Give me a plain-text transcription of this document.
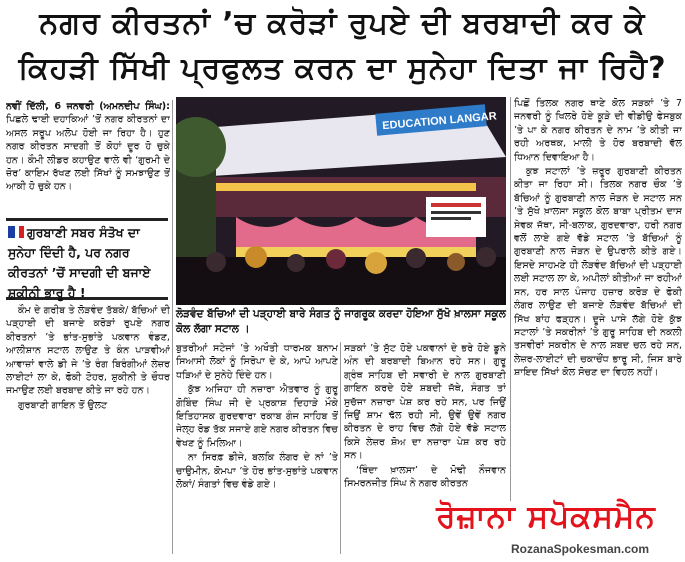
ਨਗਰ ਕੀਰਤਨਾਂ ’ਚ ਕਰੋੜਾਂ ਰੁਪਏ ਦੀ ਬਰਬਾਦੀ ਕਰ ਕੇ
ਕਿਹੜੀ ਸਿੱਖੀ ਪ੍ਰਫੁਲਤ ਕਰਨ ਦਾ ਸੁਨੇਹਾ ਦਿਤਾ ਜਾ ਰਿਹੈ?

ਨਵੀਂ ਦਿੱਲੀ, 6 ਜਨਵਰੀ (ਅਮਨਦੀਪ ਸਿੰਘ): ਪਿਛਲੇ ਢਾਈ ਦਹਾਕਿਆਂ ’ਤੋਂ ਨਗਰ ਕੀਰਤਨਾਂ ਦਾ ਅਸਲ ਸਰੂਪ ਅਲੋਪ ਹੋਈ ਜਾ ਰਿਹਾ ਹੈ। ਹੁਣ ਨਗਰ ਕੀਰਤਨ ਸਾਦਗੀ ਤੋਂ ਕੋਹਾਂ ਦੂਰ ਹੋ ਚੁਕੇ ਹਨ। ਕੌਮੀ ਲੀਡਰ ਕਹਾਉਣ ਵਾਲੇ ਵੀ ‘ਗੁਰਮੀ ਦੇ ਜ਼ੋਰ’ ਕਾਇਮ ਰੱਖਣ ਲਈ ਸਿੱਖਾਂ ਨੂੰ ਸਮਝਾਉਣ ਤੋਂ ਆਕੀ ਹੋ ਚੁਕੇ ਹਨ।

ਗੁਰਬਾਣੀ ਸਬਰ ਸੰਤੋਖ ਦਾ ਸੁਨੇਹਾ ਦਿੰਦੀ ਹੈ, ਪਰ ਨਗਰ ਕੀਰਤਨਾਂ ’ਚੋਂ ਸਾਦਗੀ ਦੀ ਬਜਾਏ ਸ਼ੁਕੀਨੀ ਭਾਰੂ ਹੈ !

ਕੌਮ ਦੇ ਗਰੀਬ ਤੇ ਲੋੜਵੰਦ ਤੱਬਕੇ/ ਬੱਚਿਆਂ ਦੀ ਪੜ੍ਹਾਈ ਦੀ ਬਜਾਏ ਕਰੋੜਾਂ ਰੁਪਏ ਨਗਰ ਕੀਰਤਨਾਂ ’ਤੇ ਭਾਂਤ-ਸੁਭਾਂਤੇ ਪਕਵਾਨ ਵੰਡਣ, ਆਲੀਸ਼ਾਨ ਸਟਾਲ ਲਾਉਣ ਤੇ ਕੰਨ ਪਾੜਵੀਆਂ ਆਵਾਜ਼ਾਂ ਵਾਲੇ ਡੀ ਜੇ ’ਤੇ ਰੰਗ ਬਿਰੰਗੀਆਂ ਲੇਜ਼ਰ ਲਾਈਟਾਂ ਲਾ ਕੇ, ਫੋਕੀ ਟੋਹਰ, ਸ਼ੁਕੀਨੀ ਤੇ ਚੌਧਰ ਜਮਾਉਣ ਲਈ ਬਰਬਾਦ ਕੀਤੇ ਜਾ ਰਹੇ ਹਨ।

ਗੁਰਬਾਣੀ ਗਾਇਨ ਤੋਂ ਉਲਟ

EDUCATION LANGAR
ਲੋੜਵੰਦ ਬੱਚਿਆਂ ਦੀ ਪੜ੍ਹਾਈ ਬਾਰੇ ਸੰਗਤ ਨੂੰ ਜਾਗਰੂਕ ਕਰਦਾ ਹੋਇਆ ਸੁੱਖੋ ਖ਼ਾਲਸਾ ਸਕੂਲ ਕੋਲ ਲੱਗਾ ਸਟਾਲ ।

ਬੁਤਰੀਆਂ ਸਟੇਜਾਂ ’ਤੇ ਅਖੌਤੀ ਧਾਰਮਕ ਬਨਾਮ ਸਿਆਸੀ ਲੋਕਾਂ ਨੂੰ ਸਿਰੋਪਾ ਦੇ ਕੇ, ਆਪੋ ਆਪਣੇ ਧੜਿਆਂ ਦੇ ਸੁਨੇਹੇ ਦਿੰਦੇ ਹਨ।

ਕੁੱਝ ਅਜਿਹਾ ਹੀ ਨਜ਼ਾਰਾ ਐਤਵਾਰ ਨੂੰ ਗੁਰੂ ਗੋਬਿੰਦ ਸਿੰਘ ਜੀ ਦੇ ਪ੍ਰਕਾਸ਼ ਦਿਹਾੜੇ ਮੌਕੇ ਇਤਿਹਾਸਕ ਗੁਰਦਵਾਰਾ ਰਕਾਬ ਗੰਜ ਸਾਹਿਬ ਤੋਂ ਜੇਲ੍ਹ ਰੋਡ ਤੱਕ ਸਜਾਏ ਗਏ ਨਗਰ ਕੀਰਤਨ ਵਿਚ ਵੇਖਣ ਨੂੰ ਮਿਲਿਆ।

ਨਾ ਸਿਰਫ਼ ਡੀਜੇ, ਬਲਕਿ ਲੰਗਰ ਦੇ ਨਾਂ ’ਤੇ ਚਾਉਮੀਨ, ਕੋਮਪਾ ’ਤੇ ਹੋਰ ਭਾਂਤ-ਸੁਭਾਂਤੇ ਪਕਵਾਨ ਲੋਕਾਂ/ ਸੰਗਤਾਂ ਵਿਚ ਵੰਡੇ ਗਏ।

ਸੜਕਾਂ ’ਤੇ ਸੁੱਟ ਹੋਏ ਪਕਵਾਨਾਂ ਦੇ ਭਰੇ ਹੋਏ ਡੂਨੇ ਅੰਨ ਦੀ ਬਰਬਾਦੀ ਬਿਆਨ ਰਹੇ ਸਨ। ਗੁਰੂ ਗ੍ਰੰਥ ਸਾਹਿਬ ਦੀ ਸਵਾਰੀ ਦੇ ਨਾਲ ਗੁਰਬਾਣੀ ਗਾਇਨ ਕਰਦੇ ਹੋਏ ਸ਼ਬਦੀ ਜੱਥੇ, ਸੰਗਤ ਤਾਂ ਸੁਚੱਜਾ ਨਜ਼ਾਰਾ ਪੇਸ਼ ਕਰ ਰਹੇ ਸਨ, ਪਰ ਜਿਉਂ ਜਿਉਂ ਸ਼ਾਮ ਢੱਲ ਰਹੀ ਸੀ, ਉਵੇਂ ਉਵੇਂ ਨਗਰ ਕੀਰਤਨ ਦੇ ਰਾਹ ਵਿਚ ਲੱਗੇ ਹੋਏ ਵੱਡੇ ਸਟਾਲ ਕਿਸੇ ਲੇਜ਼ਰ ਸ਼ੋਅ ਦਾ ਨਜ਼ਾਰਾ ਪੇਸ਼ ਕਰ ਰਹੇ ਸਨ।

‘ਥਿੰਦਾ ਖ਼ਾਲਸਾ’ ਦੇ ਮੋਢੀ ਨੌਜਵਾਨ ਸਿਮਰਨਜੀਤ ਸਿੰਘ ਨੇ ਨਗਰ ਕੀਰਤਨ

ਪਿਛੋਂ ਤਿਲਕ ਨਗਰ ਥਾਣੇ ਕੋਲ ਸੜਕਾਂ ’ਤੇ 7 ਜਨਵਰੀ ਨੂੰ ਖਿਲਰੇ ਹੋਏ ਕੂੜੇ ਦੀ ਵੀਡੀਉ ਫੇਸਬੁਕ ’ਤੇ ਪਾ ਕੇ ਨਗਰ ਕੀਰਤਨ ਦੇ ਨਾਮ ’ਤੇ ਕੀਤੀ ਜਾ ਰਹੀ ਅਰਥਕ, ਮਾਲੀ ਤੇ ਹੋਰ ਬਰਬਾਦੀ ਵੱਲ ਧਿਆਨ ਦਿਵਾਇਆ ਹੈ।

ਕੁਝ ਸਟਾਲਾਂ ’ਤੇ ਜ਼ਰੂਰ ਗੁਰਬਾਣੀ ਕੀਰਤਨ ਕੀਤਾ ਜਾ ਰਿਹਾ ਸੀ। ਤਿਲਕ ਨਗਰ ਚੌਕ ’ਤੇ ਬੱਚਿਆਂ ਨੂੰ ਗੁਰਬਾਣੀ ਨਾਲ ਜੋੜਨ ਦੇ ਸਟਾਲ ਸਨ ’ਤੇ ਸੁੱਖੋ ਖ਼ਾਲਸਾ ਸਕੂਲ ਕੋਲ ਬਾਬਾ ਪ੍ਰੀਤਮ ਦਾਸ ਸੇਵਕ ਜੱਥਾ, ਸੀ-ਬਲਾਕ, ਗੁਰਦਵਾਰਾ, ਹਰੀ ਨਗਰ ਵਲੋਂ ਲਾਏ ਗਏ ਵੱਡੇ ਸਟਾਲ ’ਤੇ ਬੱਚਿਆਂ ਨੂੰ ਗੁਰਬਾਣੀ ਨਾਲ ਜੋੜਨ ਦੇ ਉਪਰਾਲੇ ਕੀਤੇ ਗਏ। ਇਸਦੇ ਸਾਹਮਣੇ ਹੀ ਲੋੜਵੰਦ ਬੱਚਿਆਂ ਦੀ ਪੜ੍ਹਾਈ ਲਈ ਸਟਾਲ ਲਾ ਕੇ, ਅਪੀਲਾਂ ਕੀਤੀਆਂ ਜਾ ਰਹੀਆਂ ਸਨ, ਹਰ ਸਾਲ ਪੰਜਾਹ ਹਜ਼ਾਰ ਕਰੋੜ ਦੇ ਫੋਕੀ ਲੰਗਰ ਲਾਉਣ ਦੀ ਬਜਾਏ ਲੋੜਵੰਦ ਬੱਚਿਆਂ ਦੀ ਸਿੱਖ ਬਾਂਹ ਫੜ੍ਹਨ। ਦੂਜੇ ਪਾਸੇ ਲੱਗੇ ਹੋਏ ਕੁੱਝ ਸਟਾਲਾਂ ’ਤੇ ਸਕਰੀਨਾਂ ’ਤੇ ਗੁਰੂ ਸਾਹਿਬ ਦੀ ਨਕਲੀ ਤਸਵੀਰਾਂ ਸਕਰੀਨ ਦੇ ਨਾਲ ਸ਼ਬਦ ਚਲ ਰਹੇ ਸਨ, ਲੇਜ਼ਰ-ਲਾਈਟਾਂ ਦੀ ਚਕਾਚੌਂਧ ਭਾਰੂ ਸੀ, ਜਿਸ ਬਾਰੇ ਸ਼ਾਇਦ ਸਿੱਖਾਂ ਕੋਲ ਸੋਚਣ ਦਾ ਵਿਹਲ ਨਹੀਂ।

ਰੋਜ਼ਾਨਾ ਸਪੋਕਸਮੈਨ
RozanaSpokesman.com
